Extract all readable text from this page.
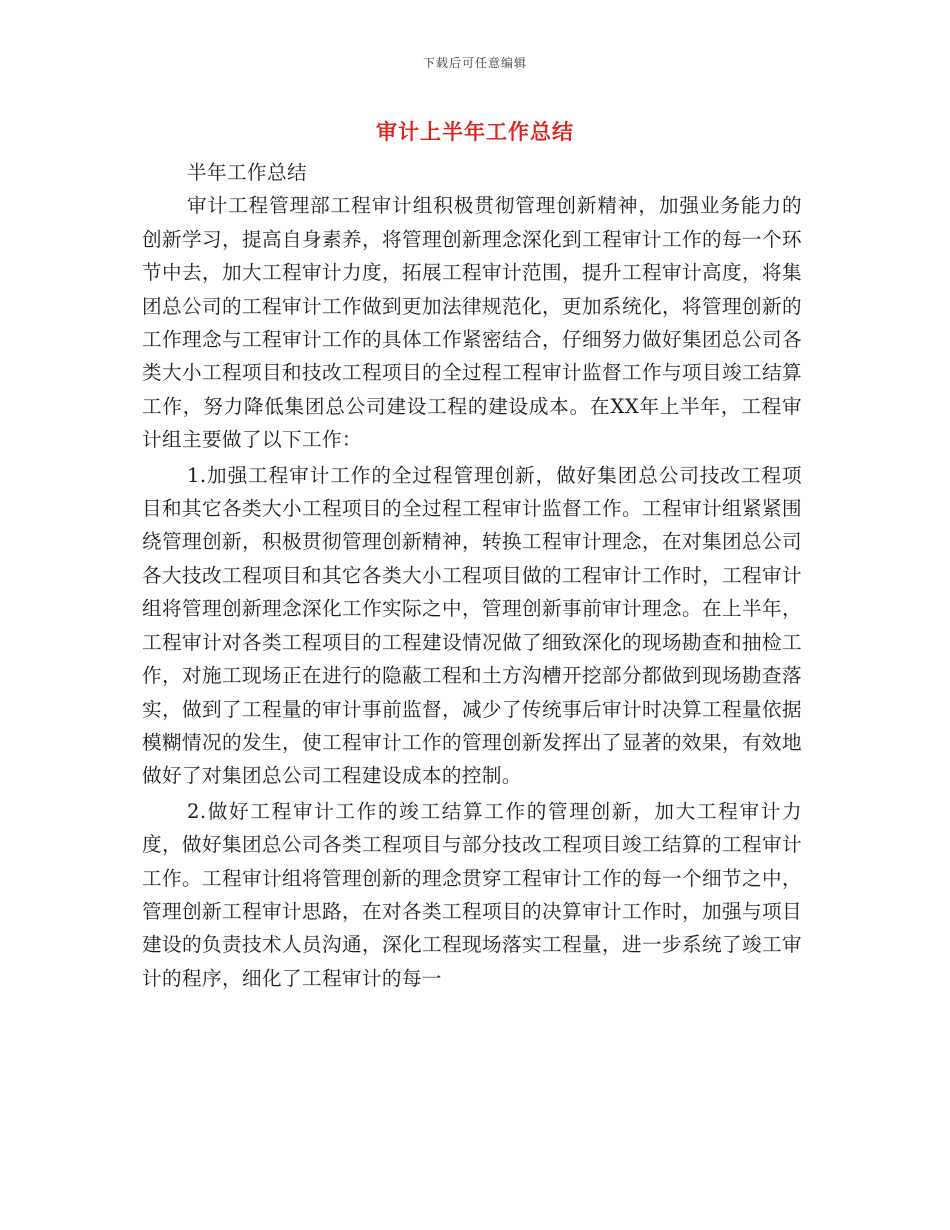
下载后可任意编辑
审计上半年工作总结

半年工作总结

审计工程管理部工程审计组积极贯彻管理创新精神，加强业务能力的创新学习，提高自身素养，将管理创新理念深化到工程审计工作的每一个环节中去，加大工程审计力度，拓展工程审计范围，提升工程审计高度，将集团总公司的工程审计工作做到更加法律规范化，更加系统化，将管理创新的工作理念与工程审计工作的具体工作紧密结合，仔细努力做好集团总公司各类大小工程项目和技改工程项目的全过程工程审计监督工作与项目竣工结算工作，努力降低集团总公司建设工程的建设成本。在XX年上半年，工程审计组主要做了以下工作：

1.加强工程审计工作的全过程管理创新，做好集团总公司技改工程项目和其它各类大小工程项目的全过程工程审计监督工作。工程审计组紧紧围绕管理创新，积极贯彻管理创新精神，转换工程审计理念，在对集团总公司各大技改工程项目和其它各类大小工程项目做的工程审计工作时，工程审计组将管理创新理念深化工作实际之中，管理创新事前审计理念。在上半年，工程审计对各类工程项目的工程建设情况做了细致深化的现场勘查和抽检工作，对施工现场正在进行的隐蔽工程和土方沟槽开挖部分都做到现场勘查落实，做到了工程量的审计事前监督，减少了传统事后审计时决算工程量依据模糊情况的发生，使工程审计工作的管理创新发挥出了显著的效果，有效地做好了对集团总公司工程建设成本的控制。

2.做好工程审计工作的竣工结算工作的管理创新，加大工程审计力度，做好集团总公司各类工程项目与部分技改工程项目竣工结算的工程审计工作。工程审计组将管理创新的理念贯穿工程审计工作的每一个细节之中，管理创新工程审计思路，在对各类工程项目的决算审计工作时，加强与项目建设的负责技术人员沟通，深化工程现场落实工程量，进一步系统了竣工审计的程序，细化了工程审计的每一
